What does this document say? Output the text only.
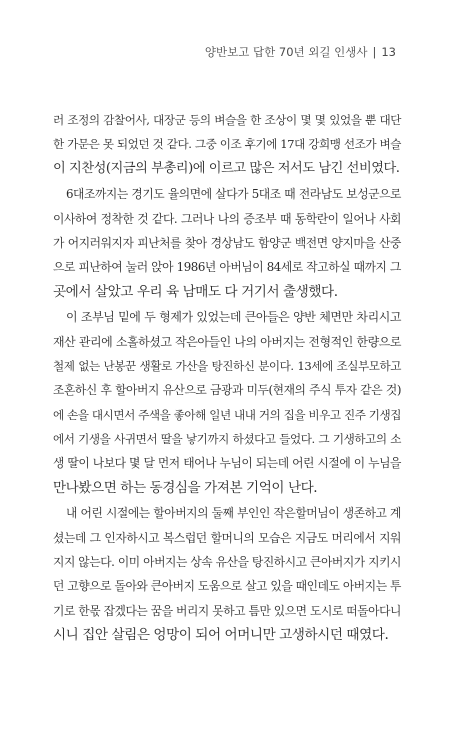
양반보고 답한 70년 외길 인생사 | 13
러 조정의 감찰어사, 대장군 등의 벼슬을 한 조상이 몇 몇 있었을 뿐 대단
한 가문은 못 되었던 것 같다. 그중 이조 후기에 17대 강희맹 선조가 벼슬
이 지찬성(지금의 부총리)에 이르고 많은 저서도 남긴 선비였다.
6대조까지는 경기도 율의면에 살다가 5대조 때 전라남도 보성군으로
이사하여 정착한 것 같다. 그러나 나의 증조부 때 동학란이 일어나 사회
가 어지러워지자 피난처를 찾아 경상남도 함양군 백전면 양지마을 산중
으로 피난하여 눌러 앉아 1986년 아버님이 84세로 작고하실 때까지 그
곳에서 살았고 우리 육 남매도 다 거기서 출생했다.
이 조부님 밑에 두 형제가 있었는데 큰아들은 양반 체면만 차리시고
재산 관리에 소홀하셨고 작은아들인 나의 아버지는 전형적인 한량으로
철제 없는 난봉꾼 생활로 가산을 탕진하신 분이다. 13세에 조실부모하고
조혼하신 후 할아버지 유산으로 금광과 미두(현재의 주식 투자 같은 것)
에 손을 대시면서 주색을 좋아해 일년 내내 거의 집을 비우고 진주 기생집
에서 기생을 사귀면서 딸을 낳기까지 하셨다고 들었다. 그 기생하고의 소
생 딸이 나보다 몇 달 먼저 태어나 누님이 되는데 어린 시절에 이 누님을
만나봤으면 하는 동경심을 가져본 기억이 난다.
내 어린 시절에는 할아버지의 둘째 부인인 작은할머님이 생존하고 계
셨는데 그 인자하시고 복스럽던 할머니의 모습은 지금도 머리에서 지워
지지 않는다. 이미 아버지는 상속 유산을 탕진하시고 큰아버지가 지키시
던 고향으로 돌아와 큰아버지 도움으로 살고 있을 때인데도 아버지는 투
기로 한몫 잡겠다는 꿈을 버리지 못하고 틈만 있으면 도시로 떠돌아다니
시니 집안 살림은 엉망이 되어 어머니만 고생하시던 때였다.
